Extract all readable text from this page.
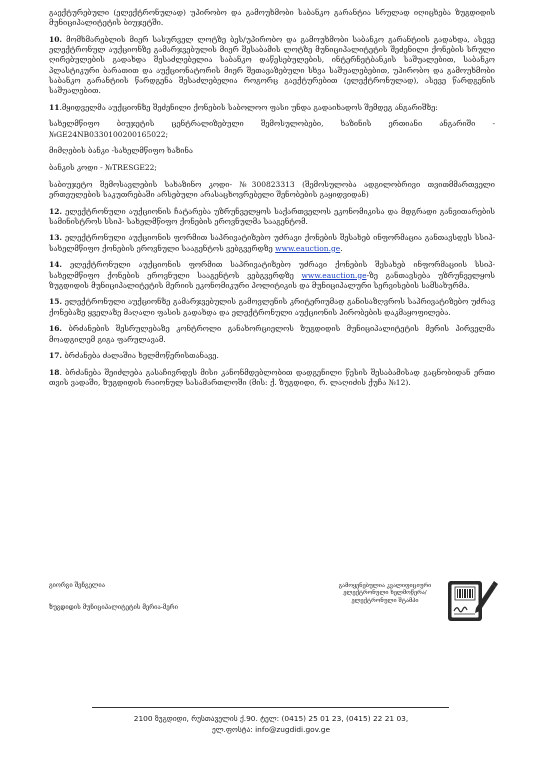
გაექტურებული (ელექტრონულად) უპირობო და გამოუხმობი საბანკო გარანტია სრულად იღიცხება ზუგდიდის მუნიციპალიტეტის ბიუჯეტში.

10. მომხმარებლის მიერ სასურველ ლოტზე ბეს/უპირობო და გამოუხმობი საბანკო გარანტიის გადახდა, ასევე ელექტრონულ აუქციონზე გამარჯვებულის მიერ შესაბამის ლოტზე მუნიციპალიტეტის შეძენილი ქონების სრული ღირებულების გადახდა შესაძლებელია საბანკო დაწესებულების, ინტერნეტბანკის საშუალებით, საბანკო პლასტიკური ბარათით და აუქციონატორის მიერ შეთავაზებული სხვა საშუალებებით, უპირობო და გამოუხმობი საბანკო გარანტიის წარდგენა შესაძლებელია როგორც გაექტურებით (ელექტრონულად), ასევე წარდგენის საშუალებით.

11.მყიდველმა აუქციონზე შეძენილი ქონების საბოლოო ფასი უნდა გადაიხადოს შემდეგ ანგარიშზე:

სახელმწიფო ბიუჯეტის ცენტრალიზებული შემოსულობები, ხაზინის ერთიანი ანგარიში - №GE24NB0330100200165022;

მიმღების ბანკი -სახელმწიფო ხაზინა

ბანკის კოდი - №TRESGE22;

საბიუჯეტო შემოსავლების სახაზინო კოდი- №300823313 (შემოსულობა ადგილობრივი თვითმმართველი ერთეულების საკუთრებაში არსებული არასაცხოვრებელი შენობების გაყიდვიდან)

12. ელექტრონული აუქციონის ჩატარება უზრუნველყოს საქართველოს ეკონომიკისა და მდგრადი განვითარების სამინისტროს სსიპ- სახელმწიფო ქონების ეროვნულმა სააგენტომ.

13. ელექტრონული აუქციონის ფორმით საპრივატიზებო უძრავი ქონების შესახებ ინფორმაცია განთავსდეს სსიპ-სახელმწიფო ქონების ეროვნული სააგენტოს ვებგვერდზე www.eauction.ge.

14. ელექტრონული აუქციონის ფორმით საპრივატიზებო უძრავი ქონების შესახებ ინფორმაციის სსიპ-სახელმწიფო ქონების ეროვნული სააგენტოს ვებგვერდზე www.eauction.ge-ზე განთავსება უზრუნველყოს ზუგდიდის მუნიციპალიტეტის მერიის ეკონომიკური პოლიტიკის და მუნიციპალური სერვისების სამსახურმა.

15. ელექტრონული აუქციონზე გამარჯვებულის გამოვლენის კრიტერიუმად განისაზღვროს საპრივატიზებო უძრავ ქონებაზე ყველაზე მაღალი ფასის გადახდა და ელექტრონული აუქციონის პირობების დაკმაყოფილება.

16. ბრძანების შესრულებაზე კონტროლი განახორციელოს ზუგდიდის მუნიციპალიტეტის მერის პირველმა მოადგილემ გიგა ფარულავამ.

17. ბრძანება ძალაშია ხელმოწერისთანავე.

18. ბრძანება შეიძლება გასაჩივრდეს მისი კანონმდებლობით დადგენილი წესის შესაბამისად გაცნობიდან ერთი თვის ვადაში, ზუგდიდის რაიონულ სასამართლოში (მის: ქ. ზუგდიდი, რ. ლაღიძის ქუჩა №12).

გიორგი შენგელია
ზუგდიდის მუნიციპალიტეტის მერია-მერი
გამოყენებულია კვალიფიციური
ელექტრონული ხელმოწერა/
ელექტრონული შტამპი
2100 ზუგდიდი, რუსთაველის ქ.90. ტელ: (0415) 25 01 23, (0415) 22 21 03,
ელ.ფოსტა: info@zugdidi.gov.ge
